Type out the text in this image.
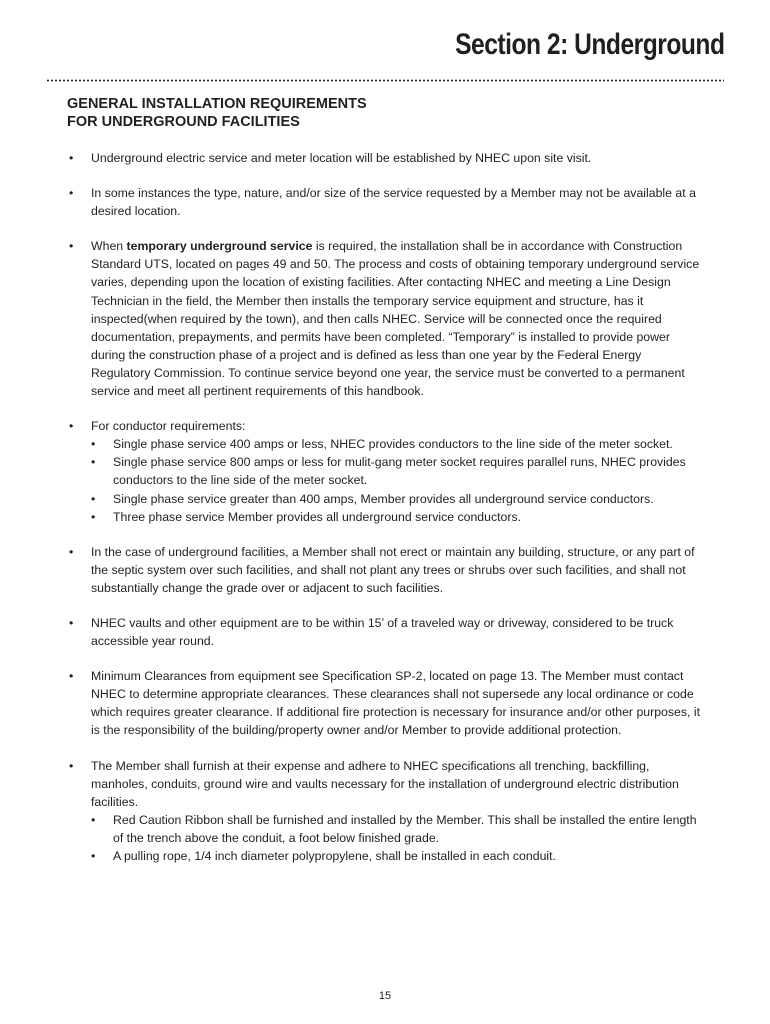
Section 2: Underground
GENERAL INSTALLATION REQUIREMENTS
FOR UNDERGROUND FACILITIES

• Underground electric service and meter location will be established by NHEC upon site visit.

• In some instances the type, nature, and/or size of the service requested by a Member may not be available at a desired location.

• When temporary underground service is required, the installation shall be in accordance with Construction Standard UTS, located on pages 49 and 50. The process and costs of obtaining temporary underground service varies, depending upon the location of existing facilities. After contacting NHEC and meeting a Line Design Technician in the field, the Member then installs the temporary service equipment and structure, has it inspected(when required by the town), and then calls NHEC. Service will be connected once the required documentation, prepayments, and permits have been completed. “Temporary” is installed to provide power during the construction phase of a project and is defined as less than one year by the Federal Energy Regulatory Commission. To continue service beyond one year, the service must be converted to a permanent service and meet all pertinent requirements of this handbook.

• For conductor requirements:

• Single phase service 400 amps or less, NHEC provides conductors to the line side of the meter socket.
• Single phase service 800 amps or less for mulit-gang meter socket requires parallel runs, NHEC provides conductors to the line side of the meter socket.
• Single phase service greater than 400 amps, Member provides all underground service conductors.
• Three phase service Member provides all underground service conductors.

• In the case of underground facilities, a Member shall not erect or maintain any building, structure, or any part of the septic system over such facilities, and shall not plant any trees or shrubs over such facilities, and shall not substantially change the grade over or adjacent to such facilities.

• NHEC vaults and other equipment are to be within 15’ of a traveled way or driveway, considered to be truck accessible year round.

• Minimum Clearances from equipment see Specification SP-2, located on page 13. The Member must contact NHEC to determine appropriate clearances. These clearances shall not supersede any local ordinance or code which requires greater clearance. If additional fire protection is necessary for insurance and/or other purposes, it is the responsibility of the building/property owner and/or Member to provide additional protection.

• The Member shall furnish at their expense and adhere to NHEC specifications all trenching, backfilling, manholes, conduits, ground wire and vaults necessary for the installation of underground electric distribution facilities.

• Red Caution Ribbon shall be furnished and installed by the Member. This shall be installed the entire length of the trench above the conduit, a foot below finished grade.
• A pulling rope, 1/4 inch diameter polypropylene, shall be installed in each conduit.
15
